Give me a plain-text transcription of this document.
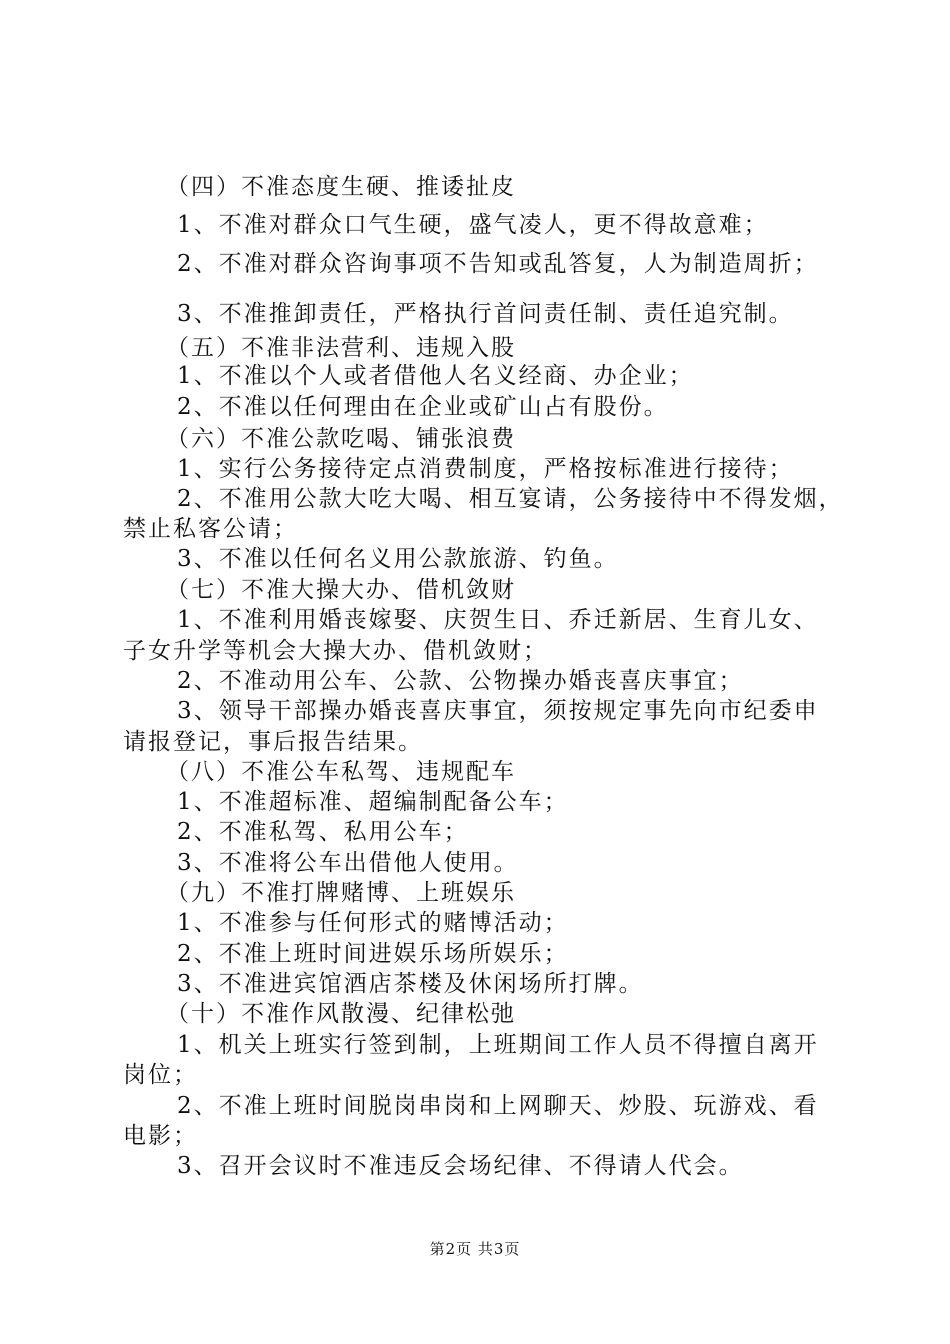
（四）不准态度生硬、推诿扯皮
1、不准对群众口气生硬，盛气凌人，更不得故意难；
2、不准对群众咨询事项不告知或乱答复，人为制造周折；
3、不准推卸责任，严格执行首问责任制、责任追究制。
（五）不准非法营利、违规入股
1、不准以个人或者借他人名义经商、办企业；
2、不准以任何理由在企业或矿山占有股份。
（六）不准公款吃喝、铺张浪费
1、实行公务接待定点消费制度，严格按标准进行接待；
2、不准用公款大吃大喝、相互宴请，公务接待中不得发烟，
禁止私客公请；
3、不准以任何名义用公款旅游、钓鱼。
（七）不准大操大办、借机敛财
1、不准利用婚丧嫁娶、庆贺生日、乔迁新居、生育儿女、
子女升学等机会大操大办、借机敛财；
2、不准动用公车、公款、公物操办婚丧喜庆事宜；
3、领导干部操办婚丧喜庆事宜，须按规定事先向市纪委申
请报登记，事后报告结果。
（八）不准公车私驾、违规配车
1、不准超标准、超编制配备公车；
2、不准私驾、私用公车；
3、不准将公车出借他人使用。
（九）不准打牌赌博、上班娱乐
1、不准参与任何形式的赌博活动；
2、不准上班时间进娱乐场所娱乐；
3、不准进宾馆酒店茶楼及休闲场所打牌。
（十）不准作风散漫、纪律松弛
1、机关上班实行签到制，上班期间工作人员不得擅自离开
岗位；
2、不准上班时间脱岗串岗和上网聊天、炒股、玩游戏、看
电影；
3、召开会议时不准违反会场纪律、不得请人代会。
第2页 共3页
